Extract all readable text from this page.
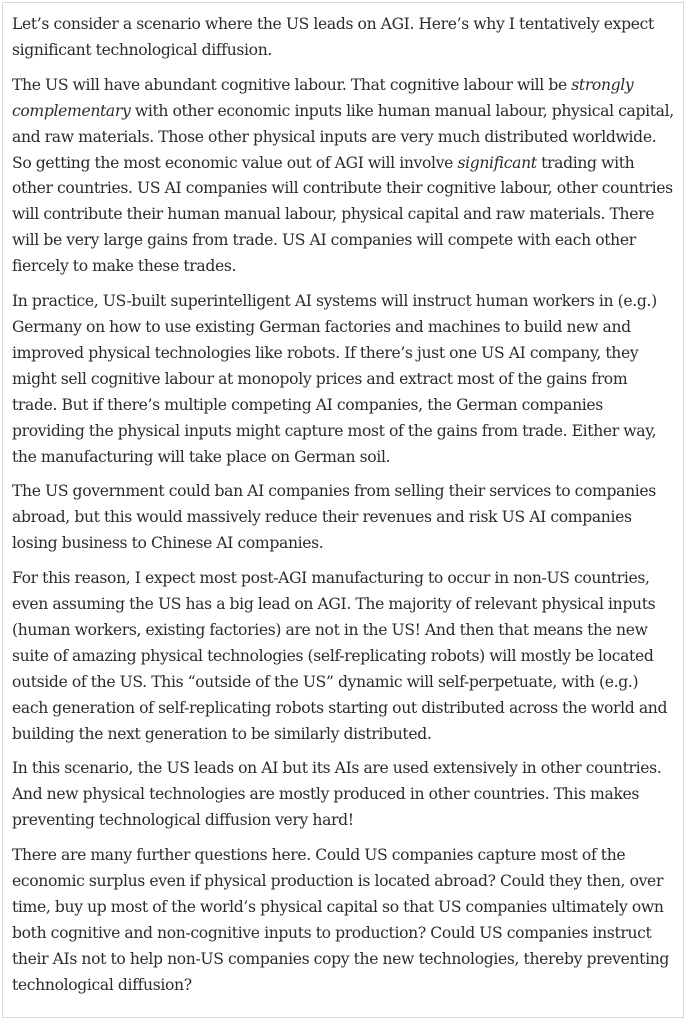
Let’s consider a scenario where the US leads on AGI. Here’s why I tentatively expect significant technological diffusion.

The US will have abundant cognitive labour. That cognitive labour will be strongly complementary with other economic inputs like human manual labour, physical capital, and raw materials. Those other physical inputs are very much distributed worldwide. So getting the most economic value out of AGI will involve significant trading with other countries. US AI companies will contribute their cognitive labour, other countries will contribute their human manual labour, physical capital and raw materials. There will be very large gains from trade. US AI companies will compete with each other fiercely to make these trades.

In practice, US-built superintelligent AI systems will instruct human workers in (e.g.) Germany on how to use existing German factories and machines to build new and improved physical technologies like robots. If there’s just one US AI company, they might sell cognitive labour at monopoly prices and extract most of the gains from trade. But if there’s multiple competing AI companies, the German companies providing the physical inputs might capture most of the gains from trade. Either way, the manufacturing will take place on German soil.

The US government could ban AI companies from selling their services to companies abroad, but this would massively reduce their revenues and risk US AI companies losing business to Chinese AI companies.

For this reason, I expect most post-AGI manufacturing to occur in non-US countries, even assuming the US has a big lead on AGI. The majority of relevant physical inputs (human workers, existing factories) are not in the US! And then that means the new suite of amazing physical technologies (self-replicating robots) will mostly be located outside of the US. This “outside of the US” dynamic will self-perpetuate, with (e.g.) each generation of self-replicating robots starting out distributed across the world and building the next generation to be similarly distributed.

In this scenario, the US leads on AI but its AIs are used extensively in other countries. And new physical technologies are mostly produced in other countries. This makes preventing technological diffusion very hard!

There are many further questions here. Could US companies capture most of the economic surplus even if physical production is located abroad? Could they then, over time, buy up most of the world’s physical capital so that US companies ultimately own both cognitive and non-cognitive inputs to production? Could US companies instruct their AIs not to help non-US companies copy the new technologies, thereby preventing technological diffusion?
